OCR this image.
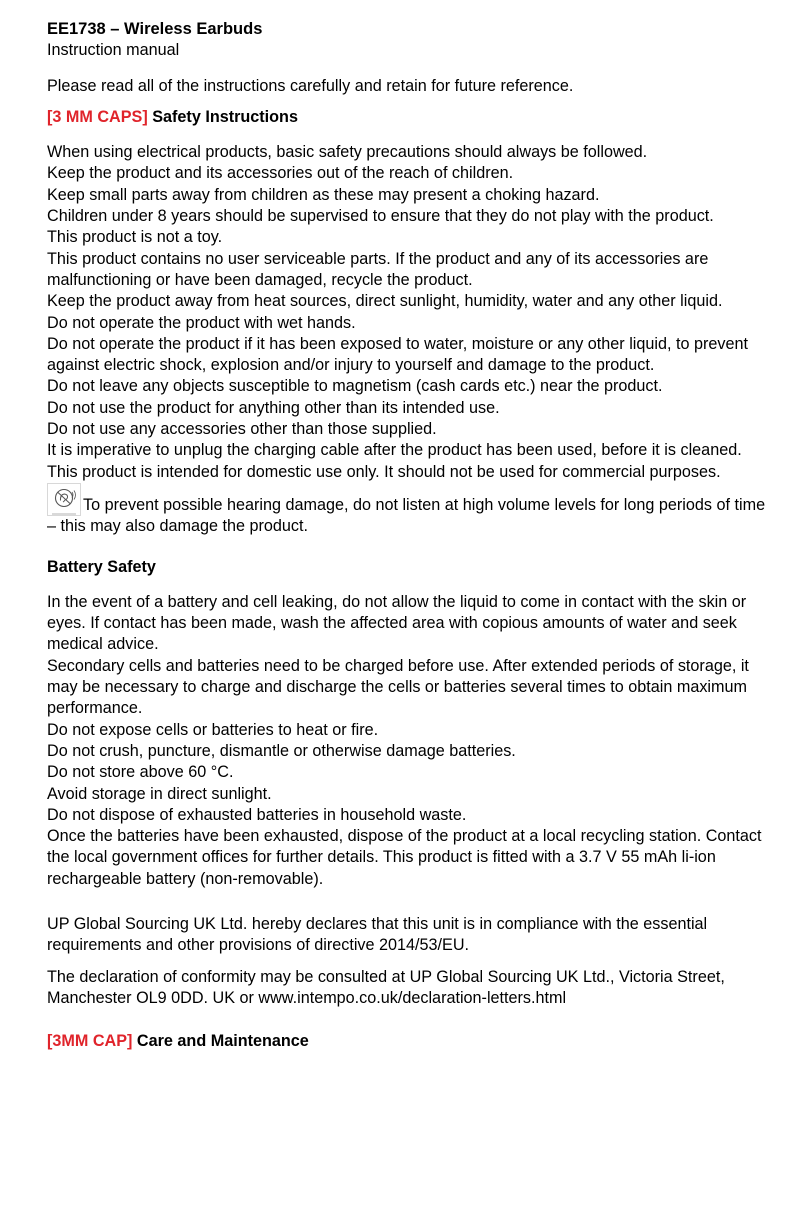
EE1738 – Wireless Earbuds

Instruction manual

Please read all of the instructions carefully and retain for future reference.

[3 MM CAPS] Safety Instructions

When using electrical products, basic safety precautions should always be followed.

Keep the product and its accessories out of the reach of children.

Keep small parts away from children as these may present a choking hazard.

Children under 8 years should be supervised to ensure that they do not play with the product.

This product is not a toy.

This product contains no user serviceable parts. If the product and any of its accessories are malfunctioning or have been damaged, recycle the product.

Keep the product away from heat sources, direct sunlight, humidity, water and any other liquid.

Do not operate the product with wet hands.

Do not operate the product if it has been exposed to water, moisture or any other liquid, to prevent against electric shock, explosion and/or injury to yourself and damage to the product.

Do not leave any objects susceptible to magnetism (cash cards etc.) near the product.

Do not use the product for anything other than its intended use.

Do not use any accessories other than those supplied.

It is imperative to unplug the charging cable after the product has been used, before it is cleaned.

This product is intended for domestic use only. It should not be used for commercial purposes.

To prevent possible hearing damage, do not listen at high volume levels for long periods of time – this may also damage the product.

Battery Safety

In the event of a battery and cell leaking, do not allow the liquid to come in contact with the skin or eyes. If contact has been made, wash the affected area with copious amounts of water and seek medical advice.

Secondary cells and batteries need to be charged before use. After extended periods of storage, it may be necessary to charge and discharge the cells or batteries several times to obtain maximum performance.

Do not expose cells or batteries to heat or fire.

Do not crush, puncture, dismantle or otherwise damage batteries.

Do not store above 60 °C.

Avoid storage in direct sunlight.

Do not dispose of exhausted batteries in household waste.

Once the batteries have been exhausted, dispose of the product at a local recycling station. Contact the local government offices for further details. This product is fitted with a 3.7 V 55 mAh li-ion rechargeable battery (non-removable).

UP Global Sourcing UK Ltd. hereby declares that this unit is in compliance with the essential requirements and other provisions of directive 2014/53/EU.

The declaration of conformity may be consulted at UP Global Sourcing UK Ltd., Victoria Street, Manchester OL9 0DD. UK or www.intempo.co.uk/declaration-letters.html

[3MM CAP] Care and Maintenance
